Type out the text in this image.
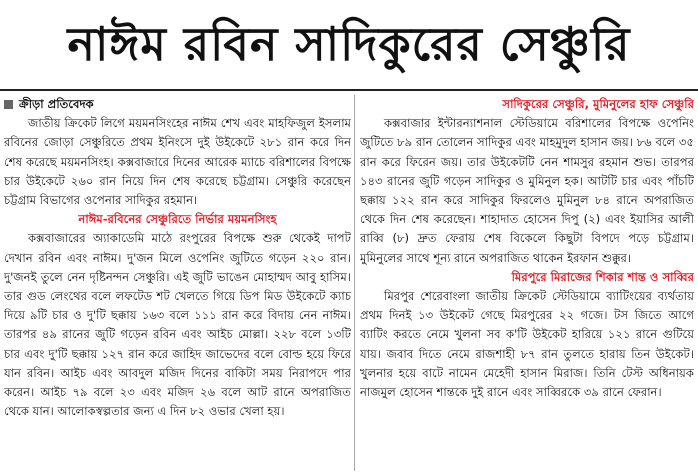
নাঈম রবিন সাদিকুরের সেঞ্চুরি
ক্রীড়া প্রতিবেদক

জাতীয় ক্রিকেট লিগে ময়মনসিংহের নাঈম শেখ এবং মাহফিজুল ইসলাম রবিনের জোড়া সেঞ্চুরিতে প্রথম ইনিংসে দুই উইকেটে ২৮১ রান করে দিন শেষ করেছে ময়মনসিংহ। কক্সবাজারে দিনের আরেক ম্যাচে বরিশালের বিপক্ষে চার উইকেটে ২৬০ রান নিয়ে দিন শেষ করেছে চট্টগ্রাম। সেঞ্চুরি করেছেন চট্টগ্রাম বিভাগের ওপেনার সাদিকুর রহমান।

নাঈম-রবিনের সেঞ্চুরিতে নির্ভার ময়মনসিংহ

কক্সবাজারের অ্যাকাডেমি মাঠে রংপুরের বিপক্ষে শুরু থেকেই দাপট দেখান রবিন এবং নাঈম। দু'জন মিলে ওপেনিং জুটিতে গড়েন ২২০ রান। দু'জনই তুলে নেন দৃষ্টিনন্দন সেঞ্চুরি। এই জুটি ভাঙেন মোহাম্মদ আবু হাসিম। তার গুড লেংথের বলে লফটেড শট খেলতে গিয়ে ডিপ মিড উইকেটে ক্যাচ দিয়ে ৯টি চার ও দু'টি ছক্কায় ১৬৩ বলে ১১১ রান করে বিদায় নেন নাঈম। তারপর ৪৯ রানের জুটি গড়েন রবিন এবং আইচ মোল্লা। ২২৮ বলে ১৩টি চার এবং দু'টি ছক্কায় ১২৭ রান করে জাহিদ জাভেদের বলে বোল্ড হয়ে ফিরে যান রবিন। আইচ এবং আবদুল মজিদ দিনের বাকিটা সময় নিরাপদে পার করেন। আইচ ৭৯ বলে ২৩ এবং মজিদ ২৬ বলে আট রানে অপরাজিত থেকে যান। আলোকস্বল্পতার জন্য এ দিন ৮২ ওভার খেলা হয়।

সাদিকুরের সেঞ্চুরি, মুমিনুলের হাফ সেঞ্চুরি

কক্সবাজার ইন্টারন্যাশনাল স্টেডিয়ামে বরিশালের বিপক্ষে ওপেনিং জুটিতে ৮৯ রান তোলেন সাদিকুর এবং মাহমুদুল হাসান জয়। ৮৬ বলে ৩৫ রান করে ফিরেন জয়। তার উইকেটটি নেন শামসুর রহমান শুভ। তারপর ১৪৩ রানের জুটি গড়েন সাদিকুর ও মুমিনুল হক। আটটি চার এবং পাঁচটি ছক্কায় ১২২ রান করে সাদিকুর ফিরলেও মুমিনুল ৮৪ রানে অপরাজিত থেকে দিন শেষ করেছেন। শাহাদাত হোসেন দিপু (২) এবং ইয়াসির আলী রাব্বি (৮) দ্রুত ফেরায় শেষ বিকেলে কিছুটা বিপদে পড়ে চট্টগ্রাম। মুমিনুলের সাথে শূন্য রানে অপরাজিত থাকেন ইরফান শুক্কুর।

মিরপুরে মিরাজের শিকার শান্ত ও সাব্বির

মিরপুর শেরেবাংলা জাতীয় ক্রিকেট স্টেডিয়ামে ব্যাটিংয়ের ব্যর্থতায় প্রথম দিনই ১৩ উইকেট গেছে মিরপুরের ২২ গজে। টস জিতে আগে ব্যাটিং করতে নেমে খুলনা সব ক'টি উইকেট হারিয়ে ১২১ রানে গুটিয়ে যায়। জবাব দিতে নেমে রাজশাহী ৮৭ রান তুলতে হারায় তিন উইকেট। খুলনার হয়ে বাটে নামেন মেহেদী হাসান মিরাজ। তিনি টেস্ট অধিনায়ক নাজমুল হোসেন শান্তকে দুই রানে এবং সাব্বিরকে ৩৯ রানে ফেরান।
